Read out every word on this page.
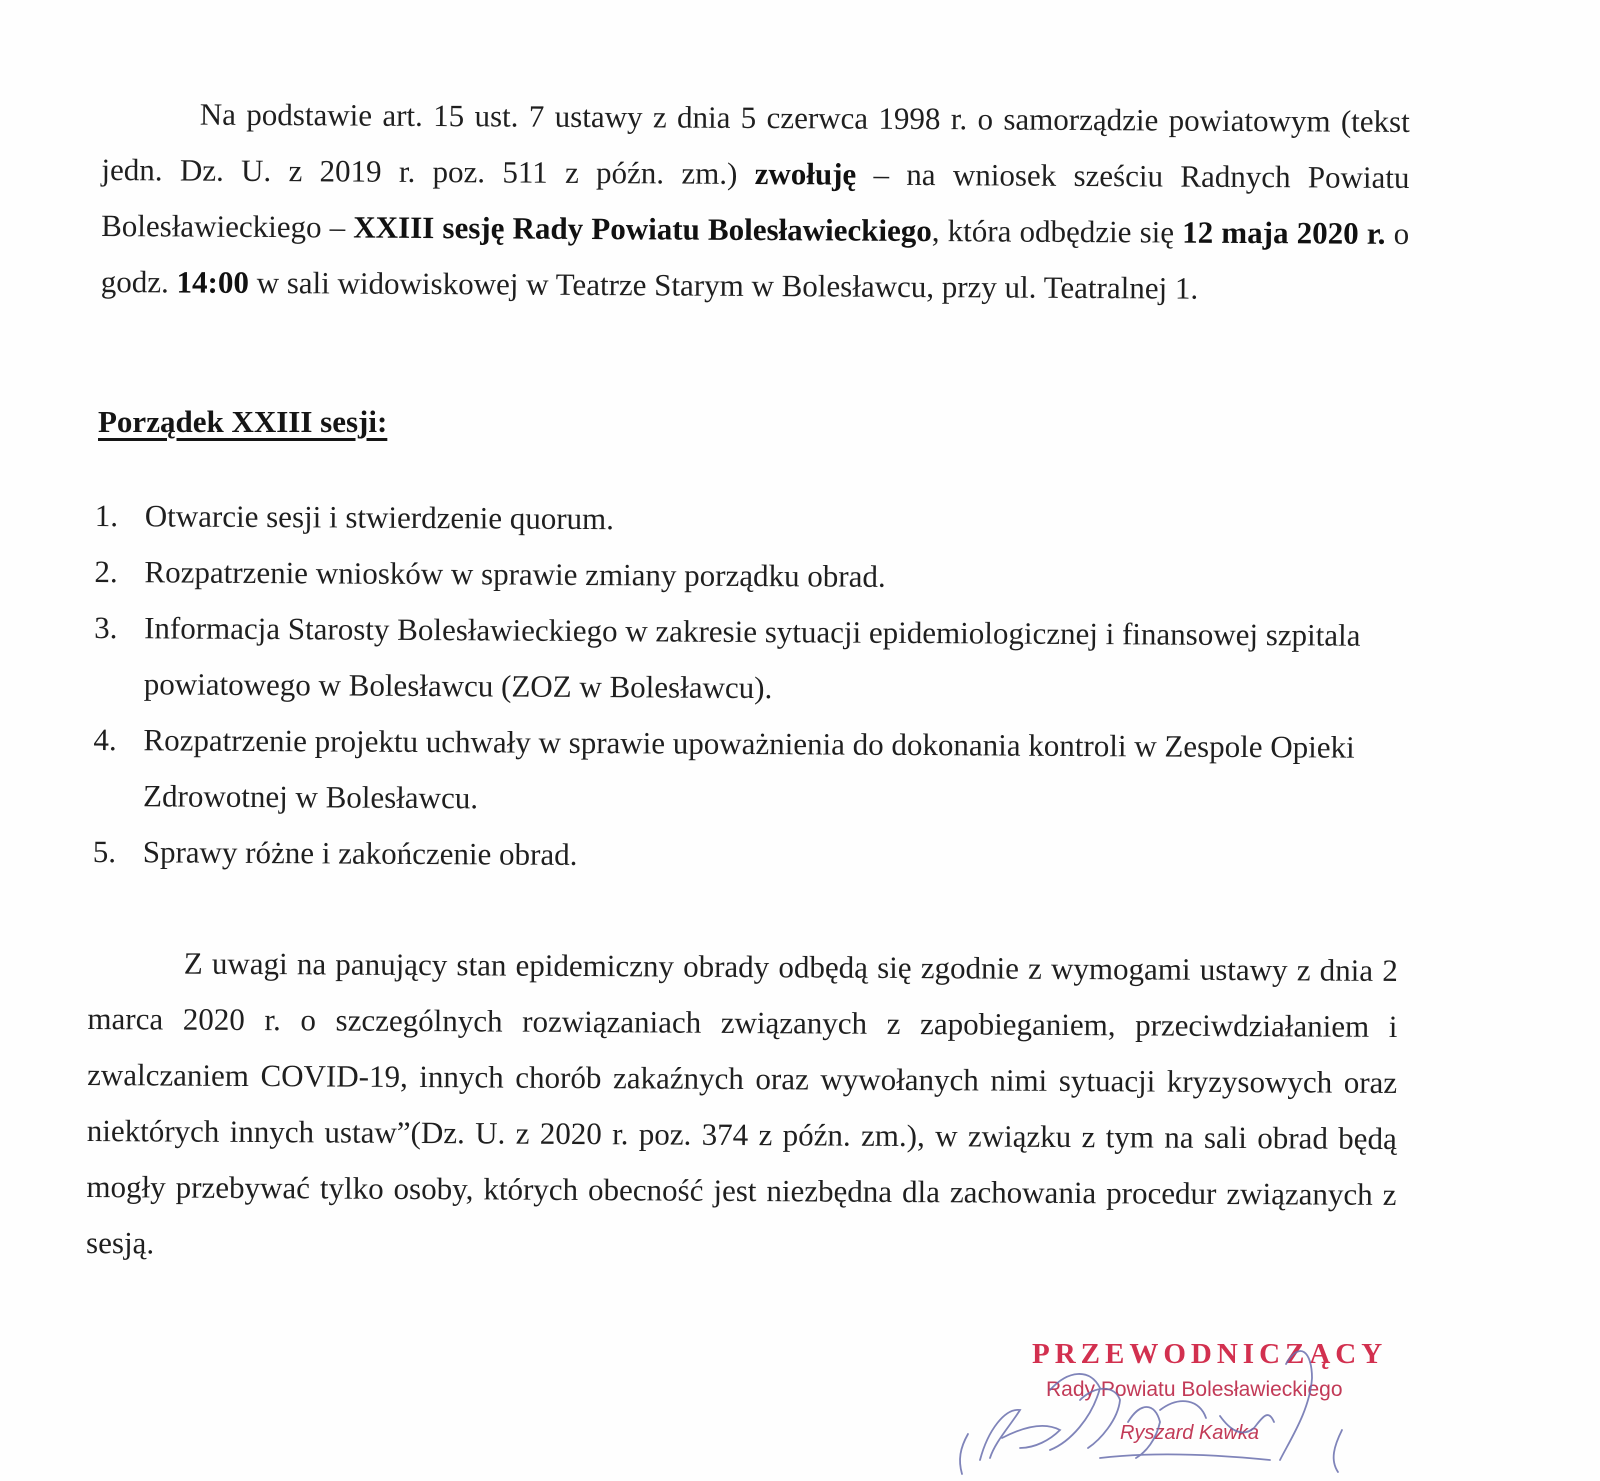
Na podstawie art. 15 ust. 7 ustawy z dnia 5 czerwca 1998 r. o samorządzie powiatowym (tekst jedn. Dz. U. z 2019 r. poz. 511 z późn. zm.) zwołuję – na wniosek sześciu Radnych Powiatu Bolesławieckiego – XXIII sesję Rady Powiatu Bolesławieckiego, która odbędzie się 12 maja 2020 r. o godz. 14:00 w sali widowiskowej w Teatrze Starym w Bolesławcu, przy ul. Teatralnej 1.

Porządek XXIII sesji:

1. Otwarcie sesji i stwierdzenie quorum.
2. Rozpatrzenie wniosków w sprawie zmiany porządku obrad.
3. Informacja Starosty Bolesławieckiego w zakresie sytuacji epidemiologicznej i finansowej szpitala powiatowego w Bolesławcu (ZOZ w Bolesławcu).
4. Rozpatrzenie projektu uchwały w sprawie upoważnienia do dokonania kontroli w Zespole Opieki Zdrowotnej w Bolesławcu.
5. Sprawy różne i zakończenie obrad.

Z uwagi na panujący stan epidemiczny obrady odbędą się zgodnie z wymogami ustawy z dnia 2 marca 2020 r. o szczególnych rozwiązaniach związanych z zapobieganiem, przeciwdziałaniem i zwalczaniem COVID-19, innych chorób zakaźnych oraz wywołanych nimi sytuacji kryzysowych oraz niektórych innych ustaw”(Dz. U. z 2020 r. poz. 374 z późn. zm.), w związku z tym na sali obrad będą mogły przebywać tylko osoby, których obecność jest niezbędna dla zachowania procedur związanych z sesją.

PRZEWODNICZĄCY
Rady Powiatu Bolesławieckiego
Ryszard Kawka
